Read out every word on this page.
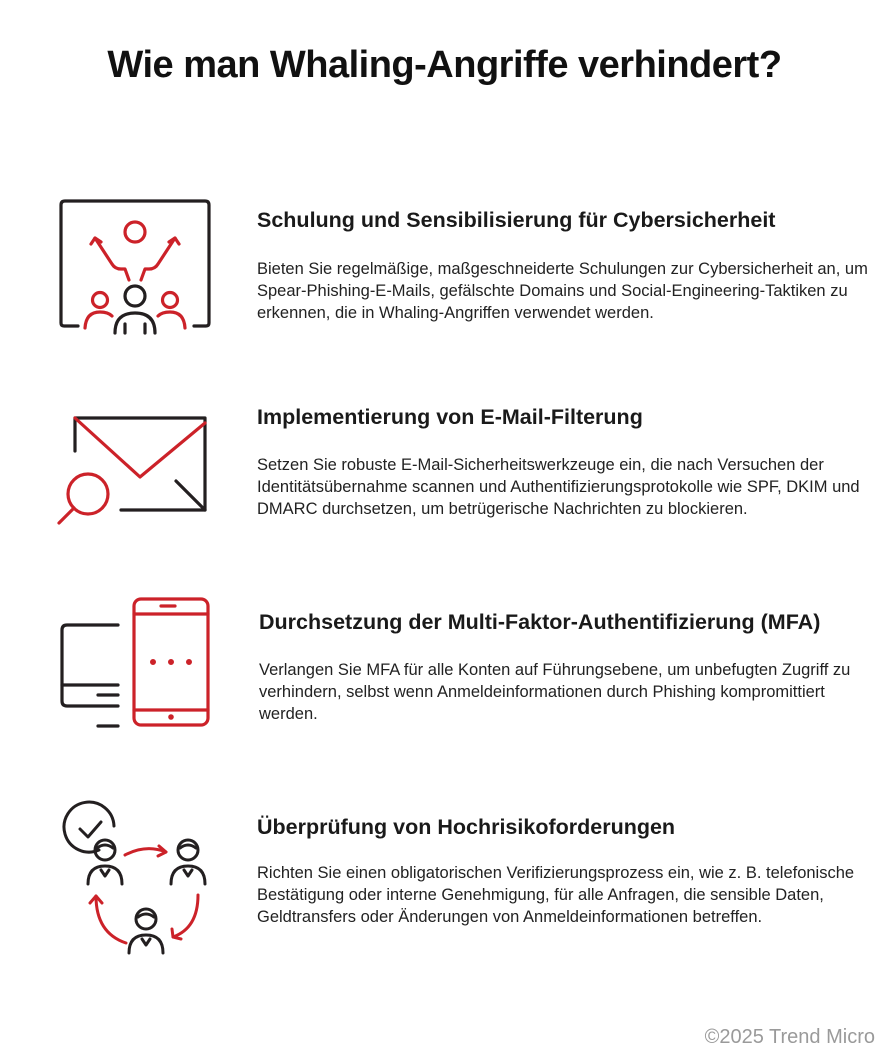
Wie man Whaling-Angriffe verhindert?
Schulung und Sensibilisierung für Cybersicherheit
Bieten Sie regelmäßige, maßgeschneiderte Schulungen zur Cybersicherheit an, um Spear-Phishing-E-Mails, gefälschte Domains und Social-Engineering-Taktiken zu erkennen, die in Whaling-Angriffen verwendet werden.
Implementierung von E-Mail-Filterung
Setzen Sie robuste E-Mail-Sicherheitswerkzeuge ein, die nach Versuchen der Identitätsübernahme scannen und Authentifizierungsprotokolle wie SPF, DKIM und DMARC durchsetzen, um betrügerische Nachrichten zu blockieren.
Durchsetzung der Multi-Faktor-Authentifizierung (MFA)
Verlangen Sie MFA für alle Konten auf Führungsebene, um unbefugten Zugriff zu verhindern, selbst wenn Anmeldeinformationen durch Phishing kompromittiert werden.
Überprüfung von Hochrisikoforderungen
Richten Sie einen obligatorischen Verifizierungsprozess ein, wie z. B. telefonische Bestätigung oder interne Genehmigung, für alle Anfragen, die sensible Daten, Geldtransfers oder Änderungen von Anmeldeinformationen betreffen.
©2025 Trend Micro
